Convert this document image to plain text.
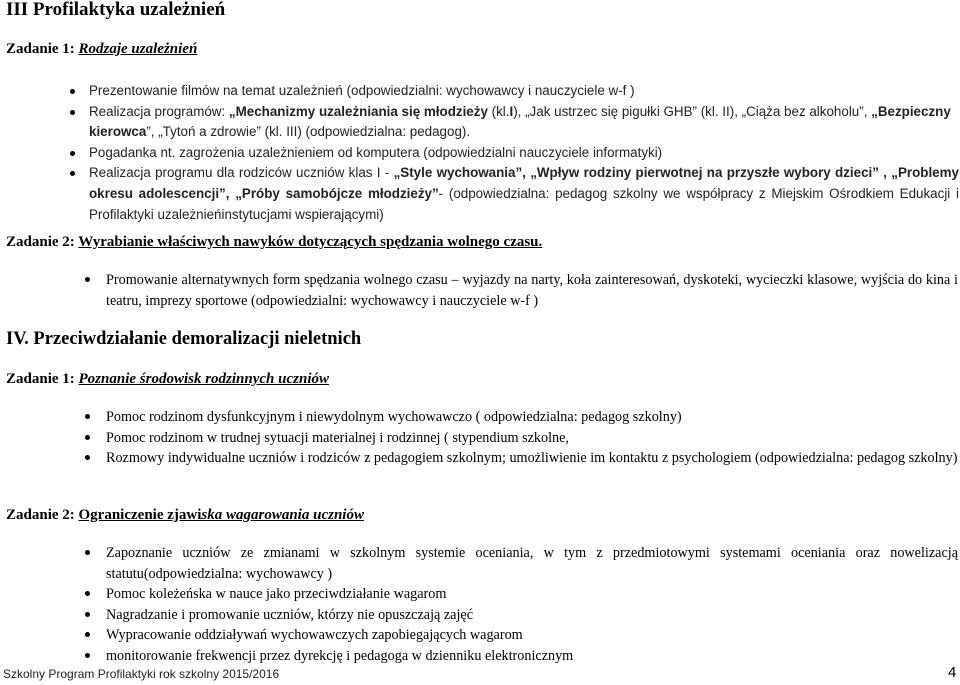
III Profilaktyka uzależnień
Zadanie 1: Rodzaje uzależnień
Prezentowanie filmów na temat uzależnień (odpowiedzialni: wychowawcy i nauczyciele w-f )
Realizacja programów: „Mechanizmy uzależniania się młodzieży (kl.I), „Jak ustrzec się pigułki GHB” (kl. II), „Ciąża bez alkoholu”, „Bezpieczny kierowca”, „Tytoń a zdrowie” (kl. III) (odpowiedzialna: pedagog).
Pogadanka nt. zagrożenia uzależnieniem od komputera (odpowiedzialni nauczyciele informatyki)
Realizacja programu dla rodziców uczniów klas I - „Style wychowania”, „Wpływ rodziny pierwotnej na przyszłe wybory dzieci” , „Problemy okresu adolescencji”, „Próby samobójcze młodzieży”- (odpowiedzialna: pedagog szkolny we współpracy z Miejskim Ośrodkiem Edukacji i Profilaktyki uzależnieńinstytucjami wspierającymi)
Zadanie 2: Wyrabianie właściwych nawyków dotyczących spędzania wolnego czasu.
Promowanie alternatywnych form spędzania wolnego czasu – wyjazdy na narty, koła zainteresowań, dyskoteki, wycieczki klasowe, wyjścia do kina i teatru, imprezy sportowe (odpowiedzialni: wychowawcy i nauczyciele w-f )
IV. Przeciwdziałanie demoralizacji nieletnich
Zadanie 1: Poznanie środowisk rodzinnych uczniów
Pomoc rodzinom dysfunkcyjnym i niewydolnym wychowawczo ( odpowiedzialna: pedagog szkolny)
Pomoc rodzinom w trudnej sytuacji materialnej i rodzinnej ( stypendium szkolne,
Rozmowy indywidualne uczniów i rodziców z pedagogiem szkolnym; umożliwienie im kontaktu z psychologiem (odpowiedzialna: pedagog szkolny)
Zadanie 2: Ograniczenie zjawiska wagarowania uczniów
Zapoznanie uczniów ze zmianami w szkolnym systemie oceniania, w tym z przedmiotowymi systemami oceniania oraz nowelizacją statutu(odpowiedzialna: wychowawcy )
Pomoc koleżeńska w nauce jako przeciwdziałanie wagarom
Nagradzanie i promowanie uczniów, którzy nie opuszczają zajęć
Wypracowanie oddziaływań wychowawczych zapobiegających wagarom
monitorowanie frekwencji przez dyrekcję i pedagoga w dzienniku elektronicznym
Szkolny Program Profilaktyki rok szkolny 2015/2016	4
